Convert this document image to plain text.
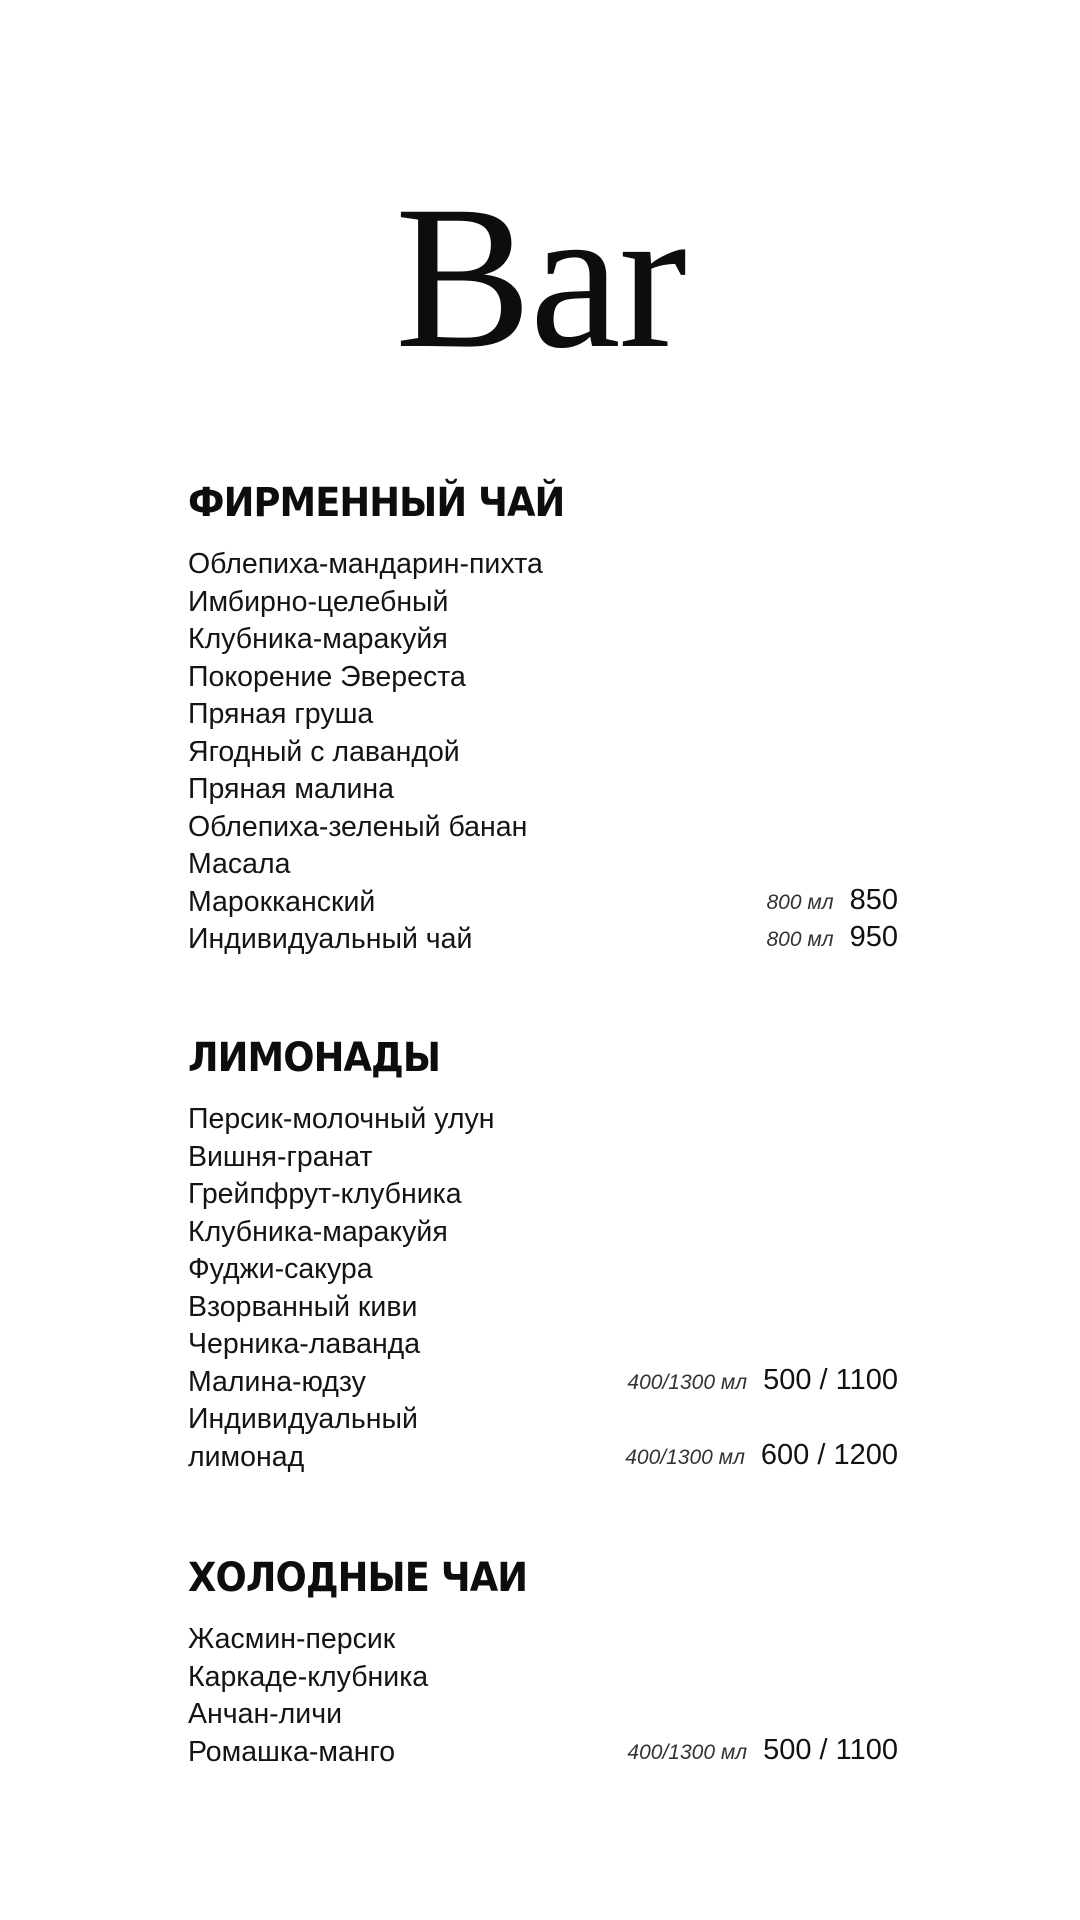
Bar
ФИРМЕННЫЙ ЧАЙ
Облепиха-мандарин-пихта
Имбирно-целебный
Клубника-маракуйя
Покорение Эвереста
Пряная груша
Ягодный с лавандой
Пряная малина
Облепиха-зеленый банан
Масала
Марокканский	800 мл 850
Индивидуальный чай	800 мл 950
ЛИМОНАДЫ
Персик-молочный улун
Вишня-гранат
Грейпфрут-клубника
Клубника-маракуйя
Фуджи-сакура
Взорванный киви
Черника-лаванда
Малина-юдзу	400/1300 мл 500 / 1100
Индивидуальный
лимонад	400/1300 мл 600 / 1200
ХОЛОДНЫЕ ЧАИ
Жасмин-персик
Каркаде-клубника
Анчан-личи
Ромашка-манго	400/1300 мл 500 / 1100
